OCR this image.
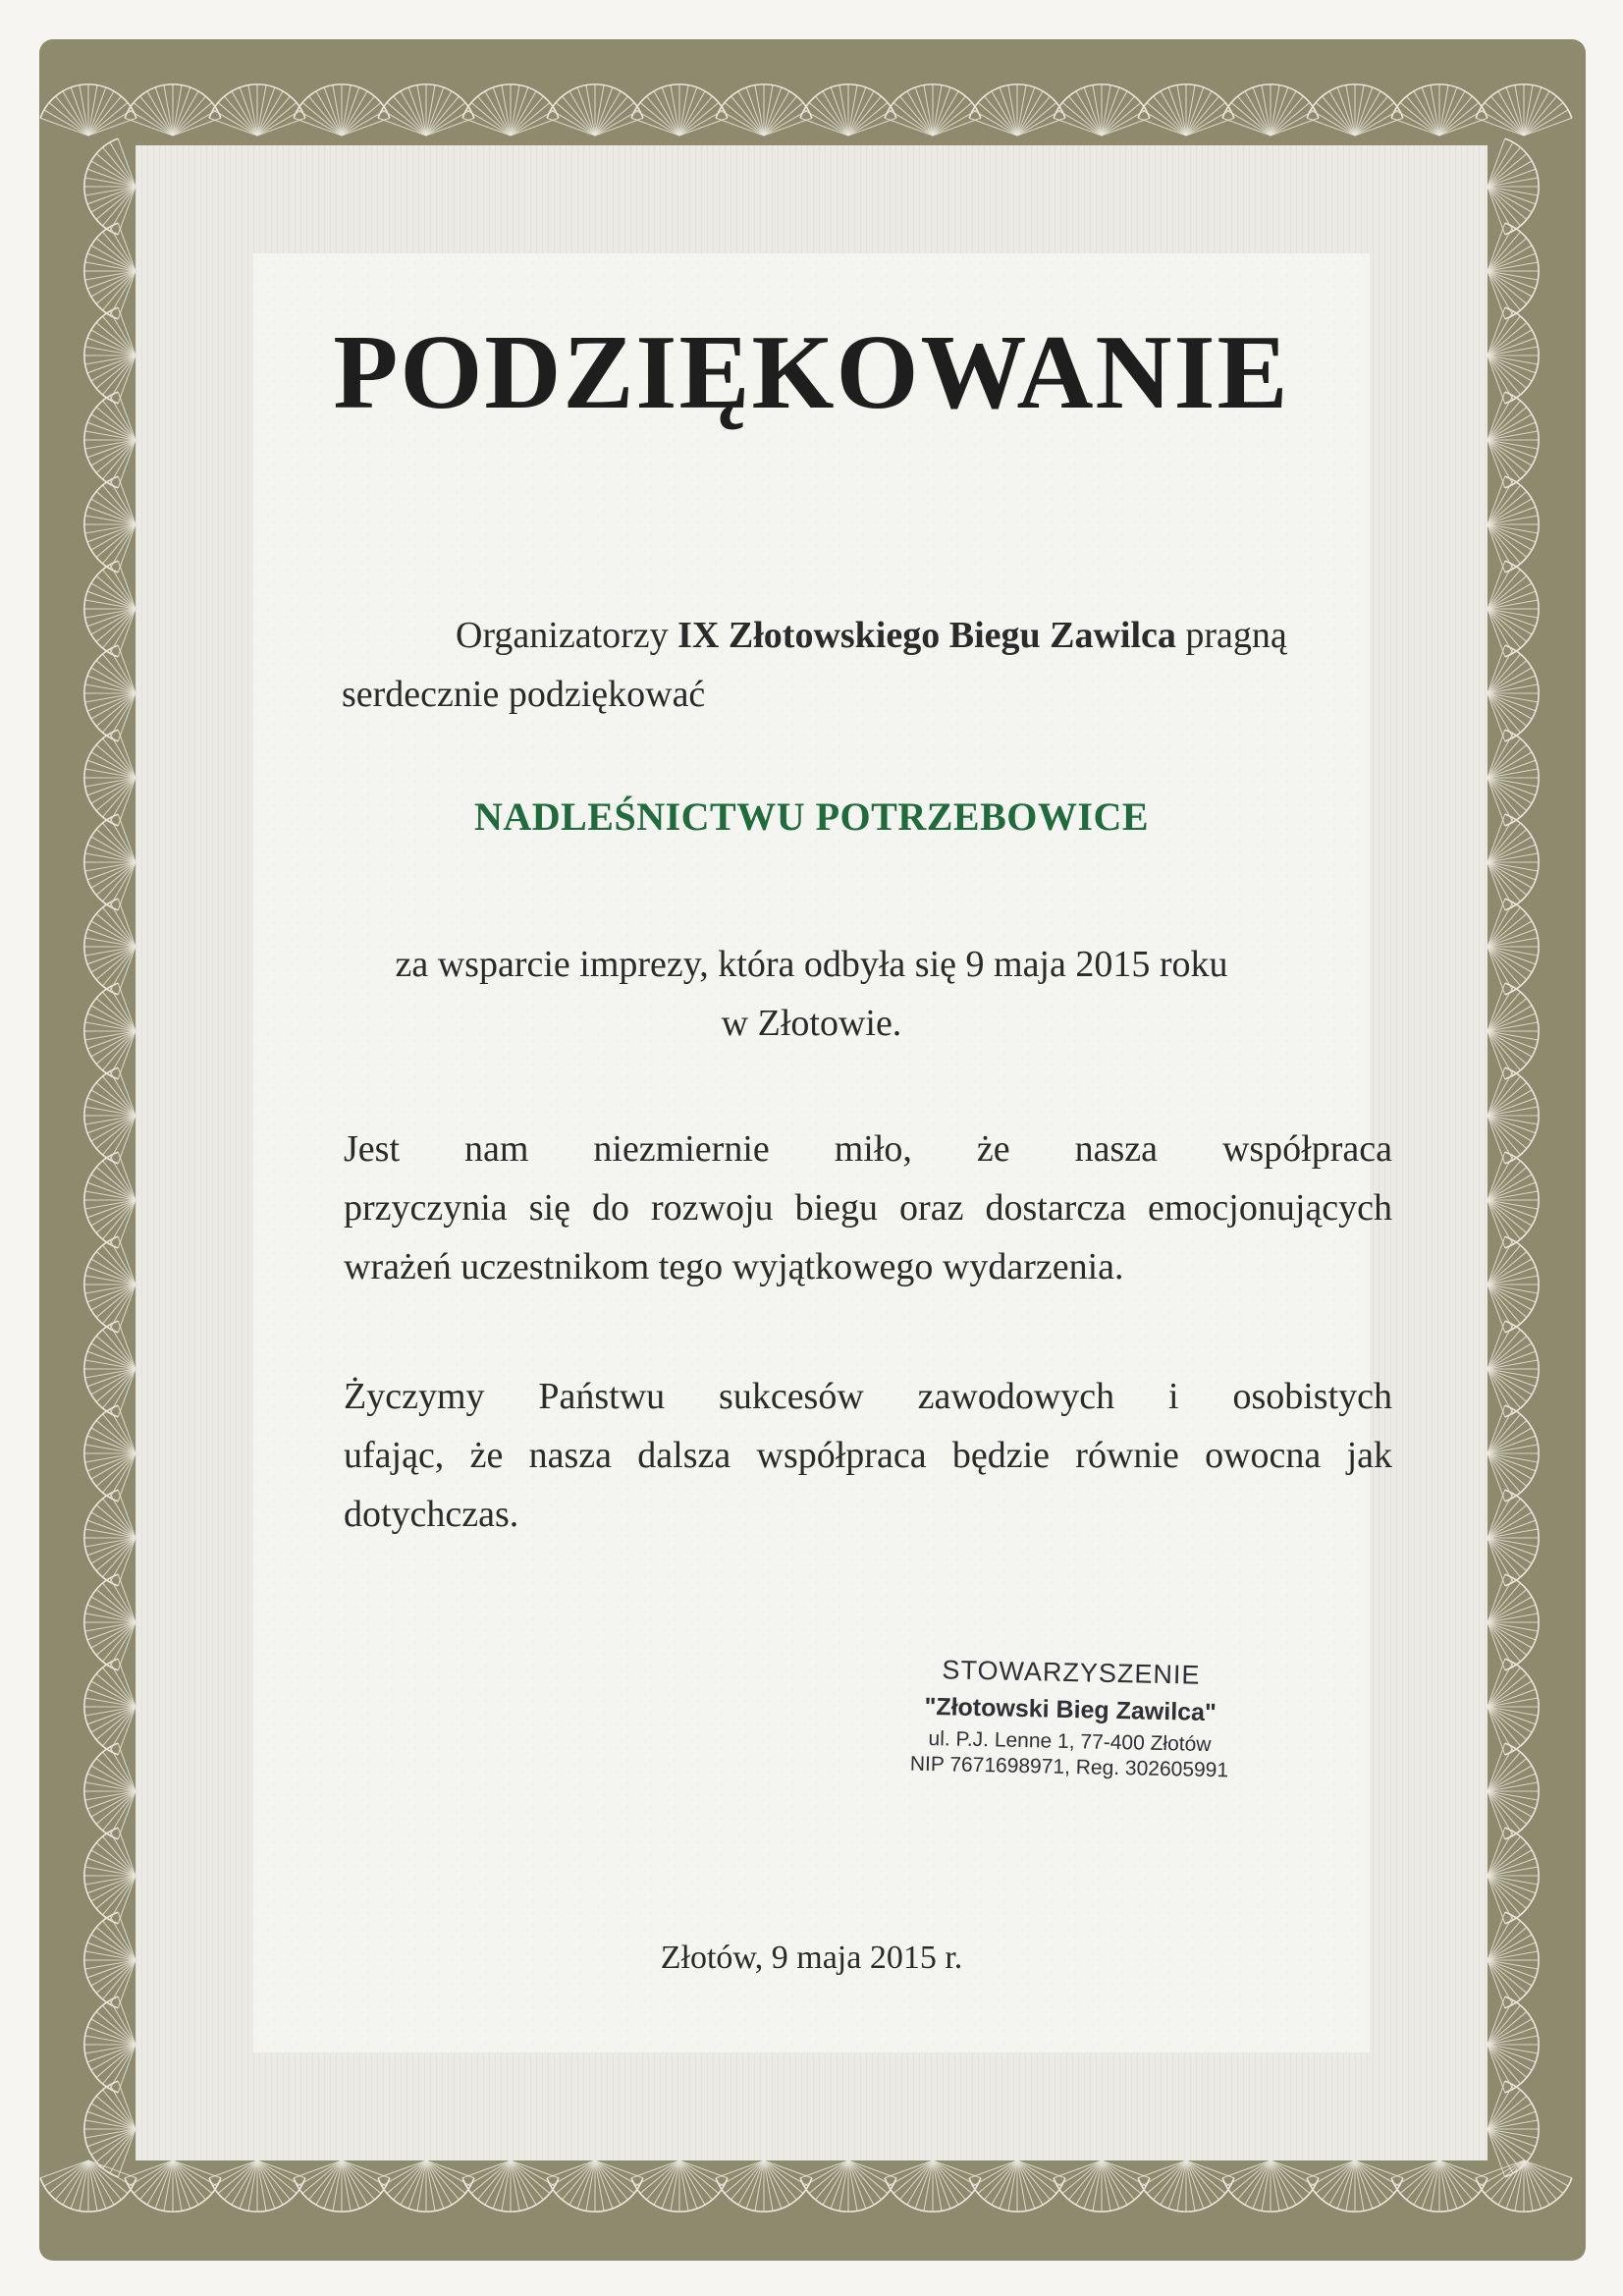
PODZIĘKOWANIE
Organizatorzy IX Złotowskiego Biegu Zawilca pragną
serdecznie podziękować
NADLEŚNICTWU POTRZEBOWICE
za wsparcie imprezy, która odbyła się 9 maja 2015 roku
w Złotowie.
Jest nam niezmiernie miło, że nasza współpraca
przyczynia się do rozwoju biegu oraz dostarcza emocjonujących
wrażeń uczestnikom tego wyjątkowego wydarzenia.
Życzymy Państwu sukcesów zawodowych i osobistych
ufając, że nasza dalsza współpraca będzie równie owocna jak
dotychczas.
STOWARZYSZENIE
"Złotowski Bieg Zawilca"
ul. P.J. Lenne 1, 77-400 Złotów
NIP 7671698971, Reg. 302605991
Złotów, 9 maja 2015 r.
